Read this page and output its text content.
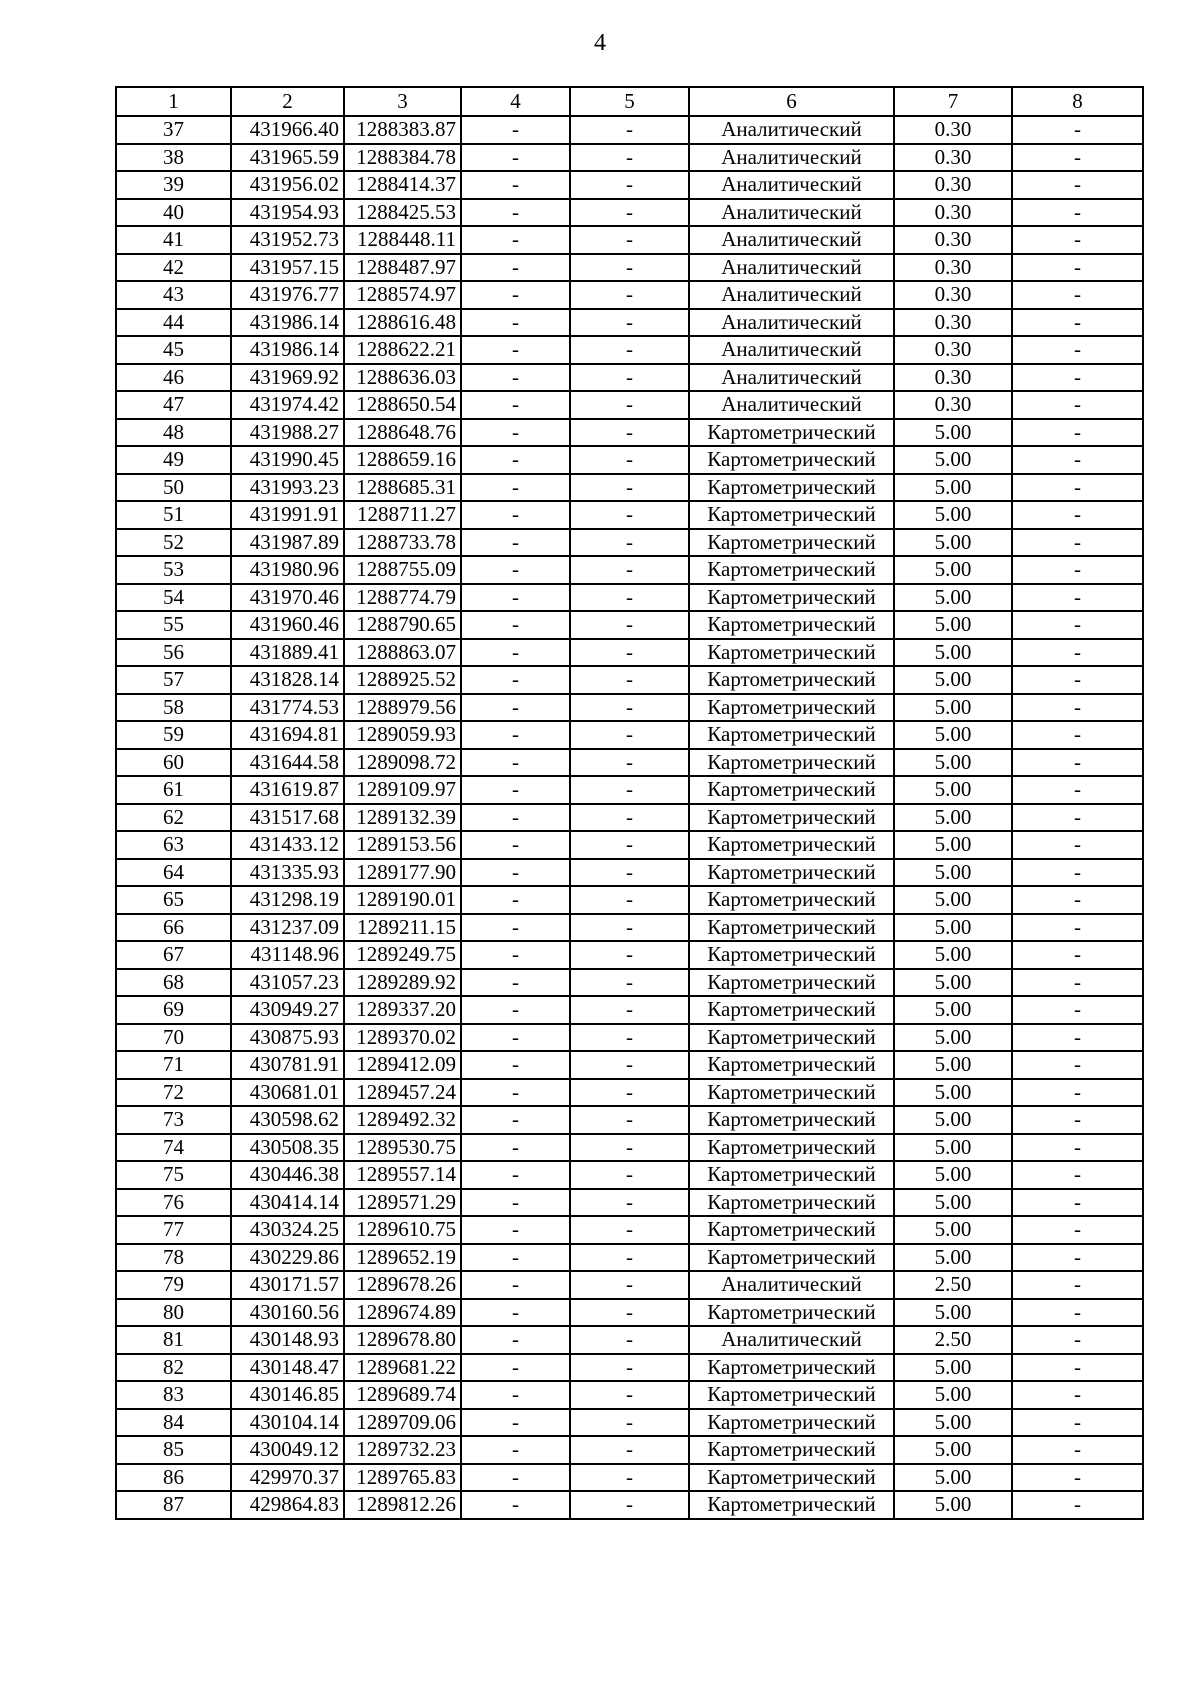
4
1	2	3	4	5	6	7	8
37	431966.40	1288383.87	-	-	Аналитический	0.30	-
38	431965.59	1288384.78	-	-	Аналитический	0.30	-
39	431956.02	1288414.37	-	-	Аналитический	0.30	-
40	431954.93	1288425.53	-	-	Аналитический	0.30	-
41	431952.73	1288448.11	-	-	Аналитический	0.30	-
42	431957.15	1288487.97	-	-	Аналитический	0.30	-
43	431976.77	1288574.97	-	-	Аналитический	0.30	-
44	431986.14	1288616.48	-	-	Аналитический	0.30	-
45	431986.14	1288622.21	-	-	Аналитический	0.30	-
46	431969.92	1288636.03	-	-	Аналитический	0.30	-
47	431974.42	1288650.54	-	-	Аналитический	0.30	-
48	431988.27	1288648.76	-	-	Картометрический	5.00	-
49	431990.45	1288659.16	-	-	Картометрический	5.00	-
50	431993.23	1288685.31	-	-	Картометрический	5.00	-
51	431991.91	1288711.27	-	-	Картометрический	5.00	-
52	431987.89	1288733.78	-	-	Картометрический	5.00	-
53	431980.96	1288755.09	-	-	Картометрический	5.00	-
54	431970.46	1288774.79	-	-	Картометрический	5.00	-
55	431960.46	1288790.65	-	-	Картометрический	5.00	-
56	431889.41	1288863.07	-	-	Картометрический	5.00	-
57	431828.14	1288925.52	-	-	Картометрический	5.00	-
58	431774.53	1288979.56	-	-	Картометрический	5.00	-
59	431694.81	1289059.93	-	-	Картометрический	5.00	-
60	431644.58	1289098.72	-	-	Картометрический	5.00	-
61	431619.87	1289109.97	-	-	Картометрический	5.00	-
62	431517.68	1289132.39	-	-	Картометрический	5.00	-
63	431433.12	1289153.56	-	-	Картометрический	5.00	-
64	431335.93	1289177.90	-	-	Картометрический	5.00	-
65	431298.19	1289190.01	-	-	Картометрический	5.00	-
66	431237.09	1289211.15	-	-	Картометрический	5.00	-
67	431148.96	1289249.75	-	-	Картометрический	5.00	-
68	431057.23	1289289.92	-	-	Картометрический	5.00	-
69	430949.27	1289337.20	-	-	Картометрический	5.00	-
70	430875.93	1289370.02	-	-	Картометрический	5.00	-
71	430781.91	1289412.09	-	-	Картометрический	5.00	-
72	430681.01	1289457.24	-	-	Картометрический	5.00	-
73	430598.62	1289492.32	-	-	Картометрический	5.00	-
74	430508.35	1289530.75	-	-	Картометрический	5.00	-
75	430446.38	1289557.14	-	-	Картометрический	5.00	-
76	430414.14	1289571.29	-	-	Картометрический	5.00	-
77	430324.25	1289610.75	-	-	Картометрический	5.00	-
78	430229.86	1289652.19	-	-	Картометрический	5.00	-
79	430171.57	1289678.26	-	-	Аналитический	2.50	-
80	430160.56	1289674.89	-	-	Картометрический	5.00	-
81	430148.93	1289678.80	-	-	Аналитический	2.50	-
82	430148.47	1289681.22	-	-	Картометрический	5.00	-
83	430146.85	1289689.74	-	-	Картометрический	5.00	-
84	430104.14	1289709.06	-	-	Картометрический	5.00	-
85	430049.12	1289732.23	-	-	Картометрический	5.00	-
86	429970.37	1289765.83	-	-	Картометрический	5.00	-
87	429864.83	1289812.26	-	-	Картометрический	5.00	-
